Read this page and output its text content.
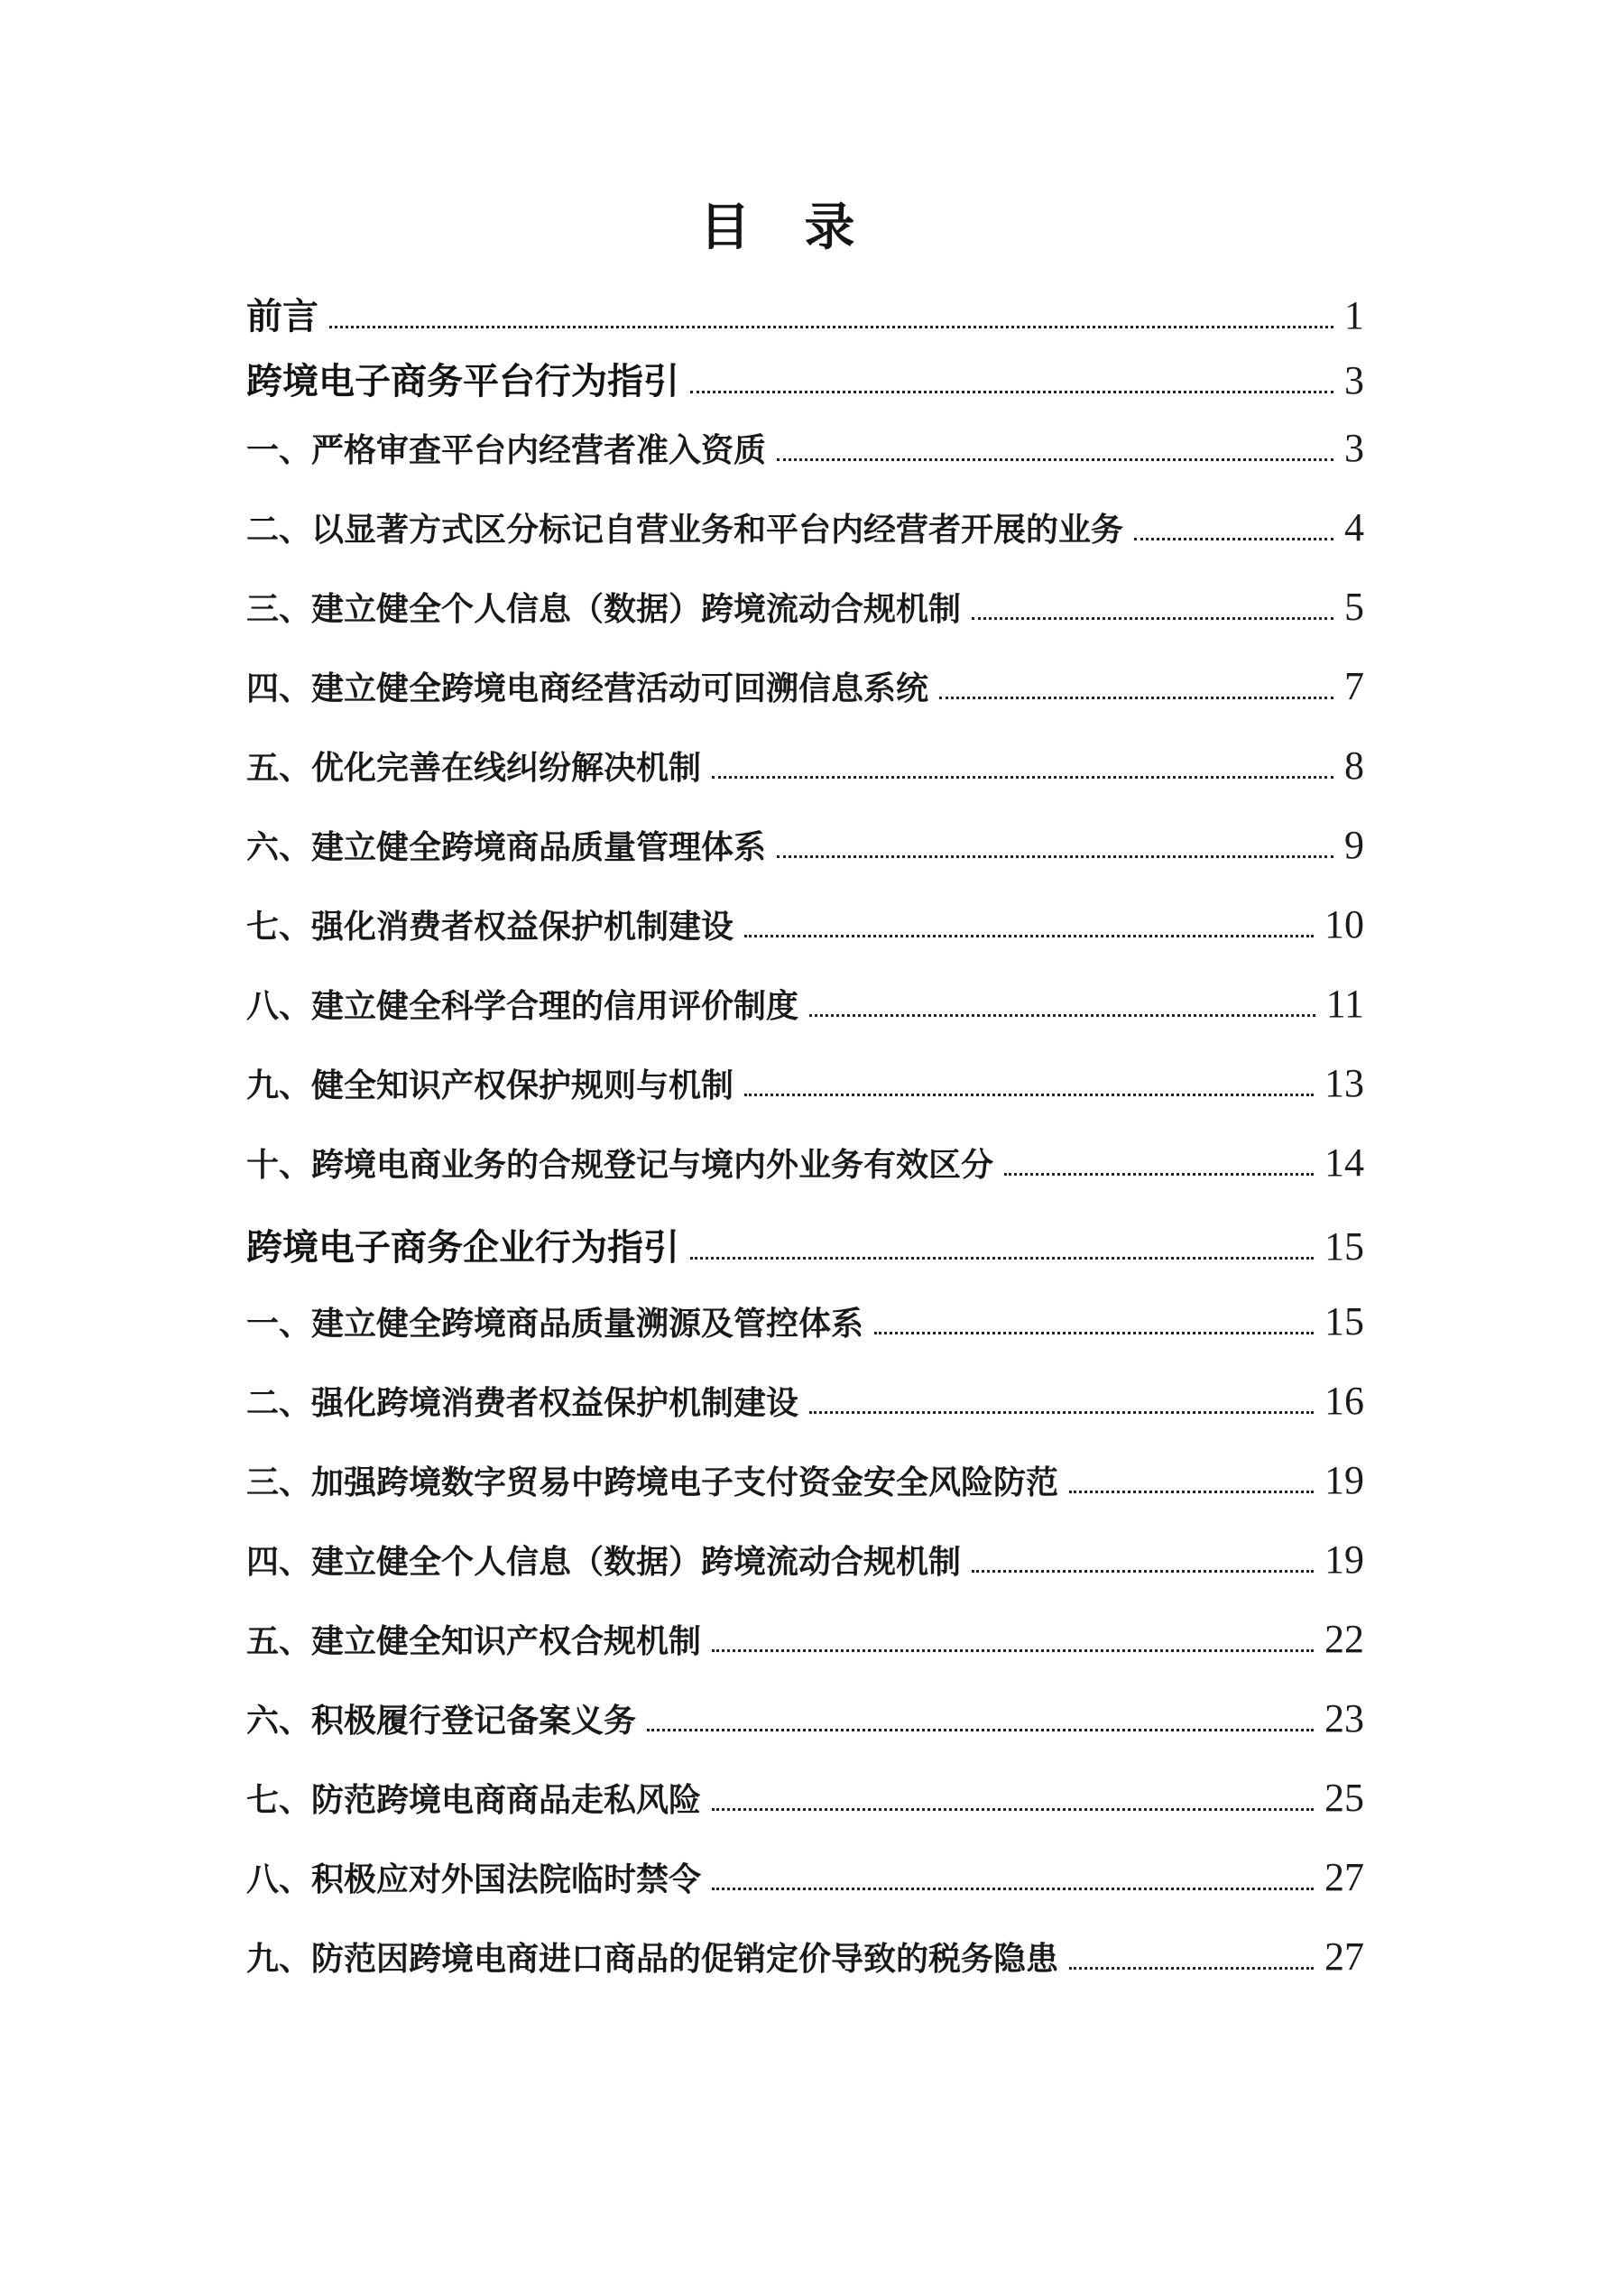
目　录
前言	1
跨境电子商务平台行为指引	3
一、严格审查平台内经营者准入资质	3
二、以显著方式区分标记自营业务和平台内经营者开展的业务	4
三、建立健全个人信息（数据）跨境流动合规机制	5
四、建立健全跨境电商经营活动可回溯信息系统	7
五、优化完善在线纠纷解决机制	8
六、建立健全跨境商品质量管理体系	9
七、强化消费者权益保护机制建设	10
八、建立健全科学合理的信用评价制度	11
九、健全知识产权保护规则与机制	13
十、跨境电商业务的合规登记与境内外业务有效区分	14
跨境电子商务企业行为指引	15
一、建立健全跨境商品质量溯源及管控体系	15
二、强化跨境消费者权益保护机制建设	16
三、加强跨境数字贸易中跨境电子支付资金安全风险防范	19
四、建立健全个人信息（数据）跨境流动合规机制	19
五、建立健全知识产权合规机制	22
六、积极履行登记备案义务	23
七、防范跨境电商商品走私风险	25
八、积极应对外国法院临时禁令	27
九、防范因跨境电商进口商品的促销定价导致的税务隐患	27
